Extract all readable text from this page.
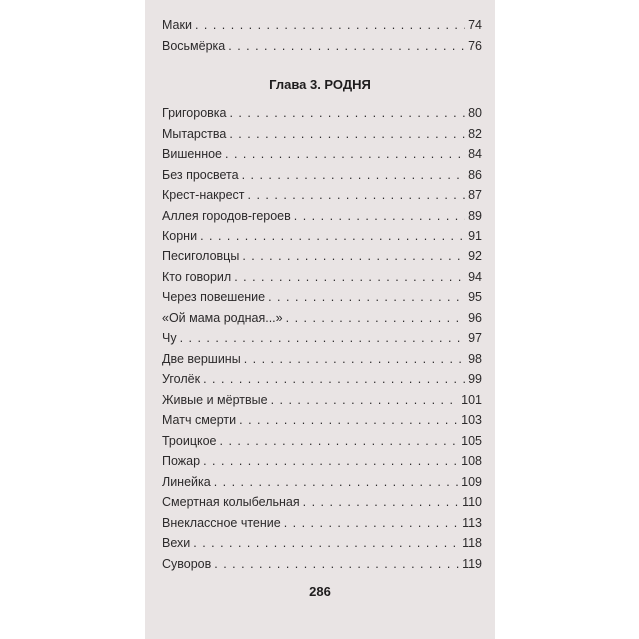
Маки . . .	74
Восьмёрка . . .	76
Глава 3. РОДНЯ
Григоровка . . .	80
Мытарства . . .	82
Вишенное . . .	84
Без просвета . . .	86
Крест-накрест . . .	87
Аллея городов-героев . . .	89
Корни . . .	91
Песиголовцы . . .	92
Кто говорил . . .	94
Через повешение . . .	95
«Ой мама родная...» . . .	96
Чу . . .	97
Две вершины . . .	98
Уголёк . . .	99
Живые и мёртвые . . .	101
Матч смерти . . .	103
Троицкое . . .	105
Пожар . . .	108
Линейка . . .	109
Смертная колыбельная . . .	110
Внеклассное чтение . . .	113
Вехи . . .	118
Суворов . . .	119
286
